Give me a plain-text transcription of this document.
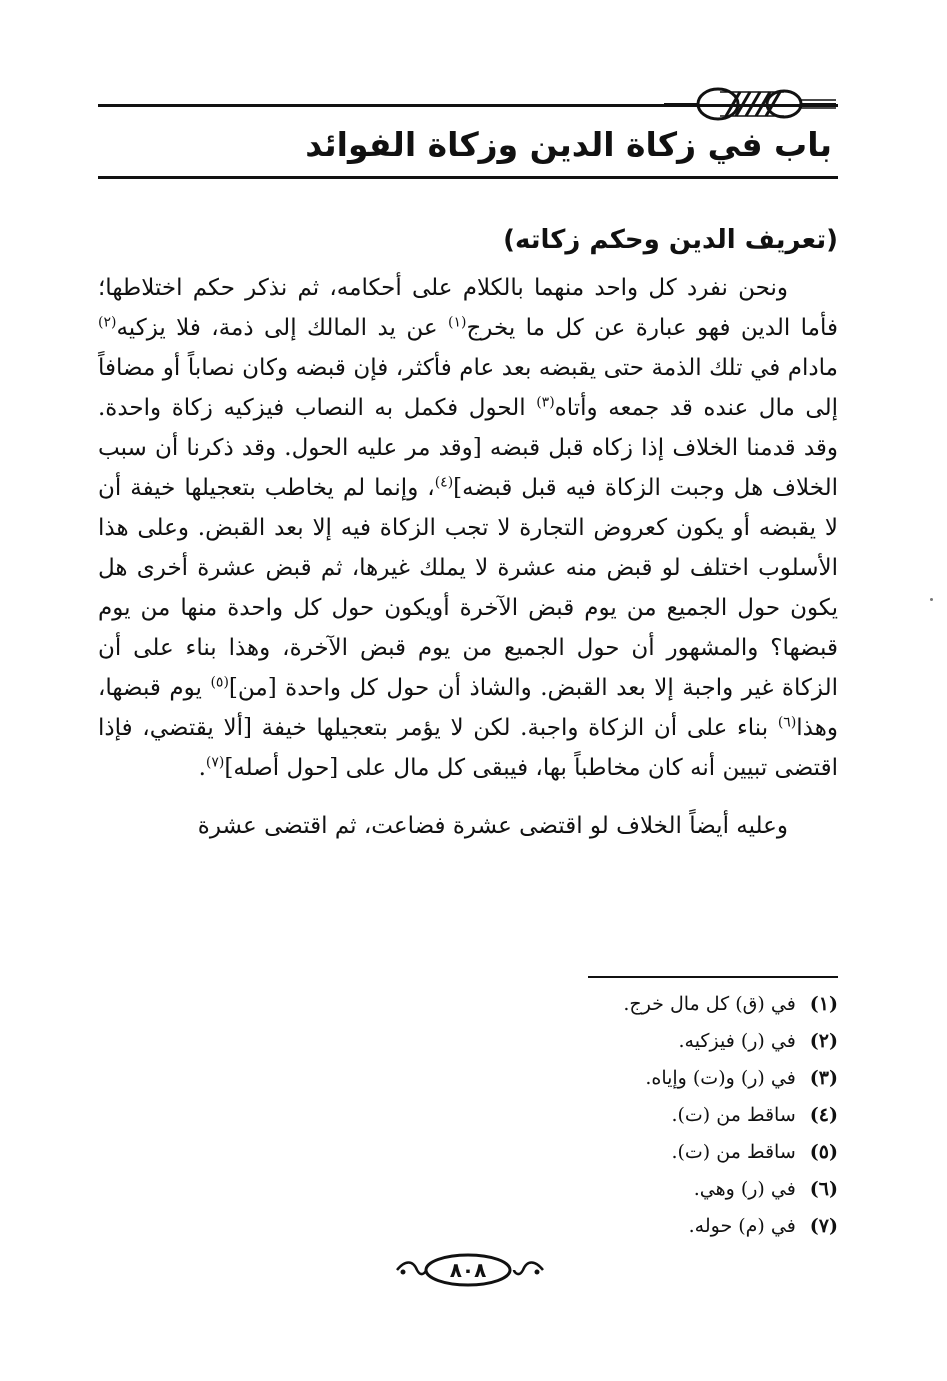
باب في زكاة الدين وزكاة الفوائد
(تعريف الدين وحكم زكاته)

ونحن نفرد كل واحد منهما بالكلام على أحكامه، ثم نذكر حكم اختلاطها؛ فأما الدين فهو عبارة عن كل ما يخرج$^{(١)}$ عن يد المالك إلى ذمة، فلا يزكيه$^{(٢)}$ مادام في تلك الذمة حتى يقبضه بعد عام فأكثر، فإن قبضه وكان نصاباً أو مضافاً إلى مال عنده قد جمعه وأتاه$^{(٣)}$ الحول فكمل به النصاب فيزكيه زكاة واحدة. وقد قدمنا الخلاف إذا زكاه قبل قبضه [وقد مر عليه الحول. وقد ذكرنا أن سبب الخلاف هل وجبت الزكاة فيه قبل قبضه]$^{(٤)}$، وإنما لم يخاطب بتعجيلها خيفة أن لا يقبضه أو يكون كعروض التجارة لا تجب الزكاة فيه إلا بعد القبض. وعلى هذا الأسلوب اختلف لو قبض منه عشرة لا يملك غيرها، ثم قبض عشرة أخرى هل يكون حول الجميع من يوم قبض الآخرة أويكون حول كل واحدة منها من يوم قبضها؟ والمشهور أن حول الجميع من يوم قبض الآخرة، وهذا بناء على أن الزكاة غير واجبة إلا بعد القبض. والشاذ أن حول كل واحدة [من]$^{(٥)}$ يوم قبضها، وهذا$^{(٦)}$ بناء على أن الزكاة واجبة. لكن لا يؤمر بتعجيلها خيفة [ألا يقتضي، فإذا اقتضى تبيين أنه كان مخاطباً بها، فيبقى كل مال على [حول أصله]$^{(٧)}$.

وعليه أيضاً الخلاف لو اقتضى عشرة فضاعت، ثم اقتضى عشرة

(١)في (ق) كل مال خرج.
(٢)في (ر) فيزكيه.
(٣)في (ر) و(ت) وإياه.
(٤)ساقط من (ت).
(٥)ساقط من (ت).
(٦)في (ر) وهي.
(٧)في (م) حوله.
٨٠٨
